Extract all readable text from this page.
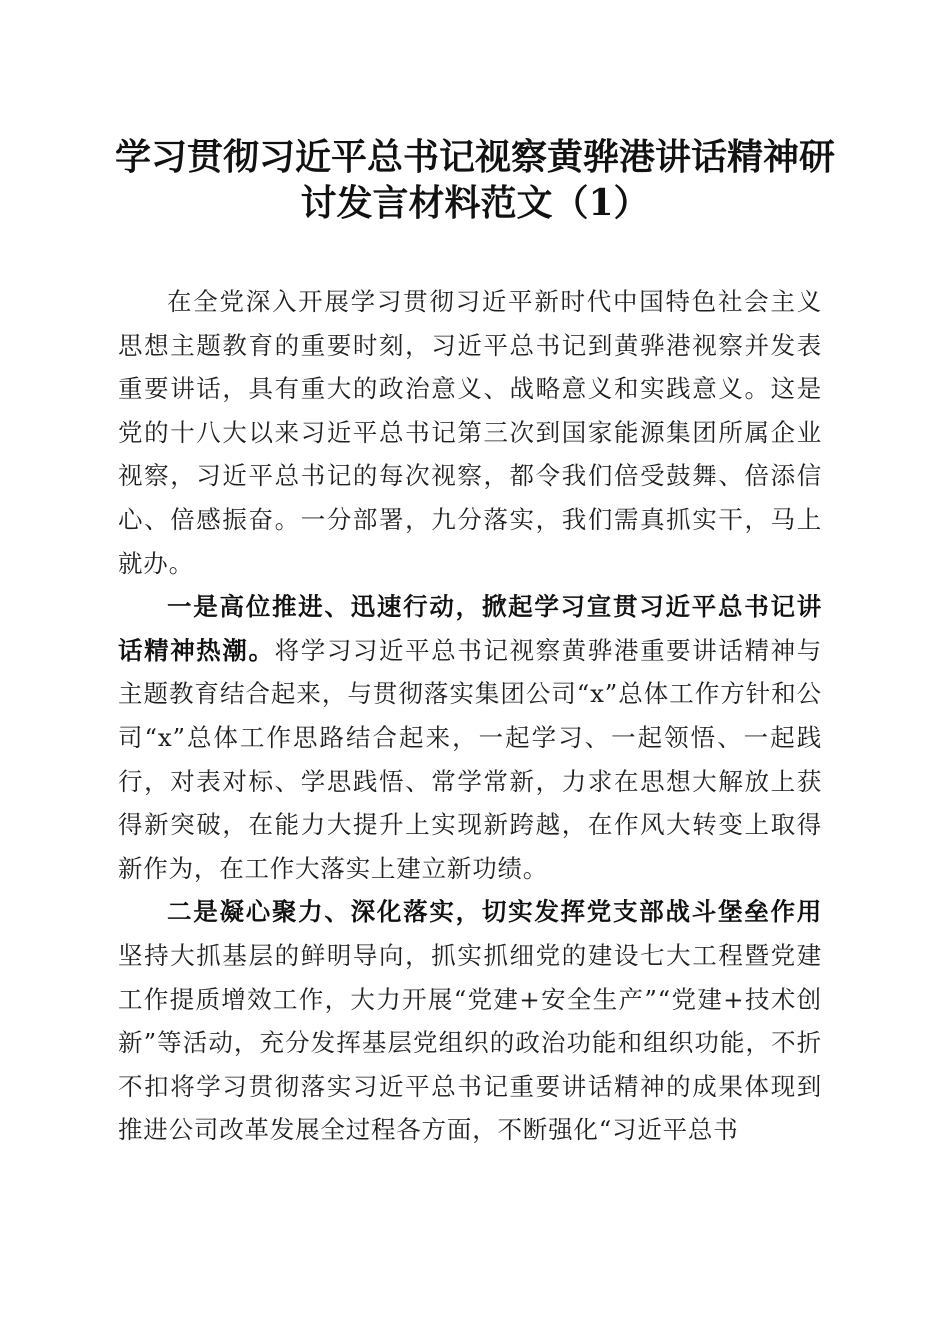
学习贯彻习近平总书记视察黄骅港讲话精神研
讨发言材料范文（1）

在全党深入开展学习贯彻习近平新时代中国特色社会主义思想主题教育的重要时刻，习近平总书记到黄骅港视察并发表重要讲话，具有重大的政治意义、战略意义和实践意义。这是党的十八大以来习近平总书记第三次到国家能源集团所属企业视察，习近平总书记的每次视察，都令我们倍受鼓舞、倍添信心、倍感振奋。一分部署，九分落实，我们需真抓实干，马上就办。

一是高位推进、迅速行动，掀起学习宣贯习近平总书记讲话精神热潮。将学习习近平总书记视察黄骅港重要讲话精神与主题教育结合起来，与贯彻落实集团公司“x”总体工作方针和公司“x”总体工作思路结合起来，一起学习、一起领悟、一起践行，对表对标、学思践悟、常学常新，力求在思想大解放上获得新突破，在能力大提升上实现新跨越，在作风大转变上取得新作为，在工作大落实上建立新功绩。

二是凝心聚力、深化落实，切实发挥党支部战斗堡垒作用坚持大抓基层的鲜明导向，抓实抓细党的建设七大工程暨党建工作提质增效工作，大力开展“党建+安全生产”“党建+技术创新”等活动，充分发挥基层党组织的政治功能和组织功能，不折不扣将学习贯彻落实习近平总书记重要讲话精神的成果体现到推进公司改革发展全过程各方面，不断强化“习近平总书
